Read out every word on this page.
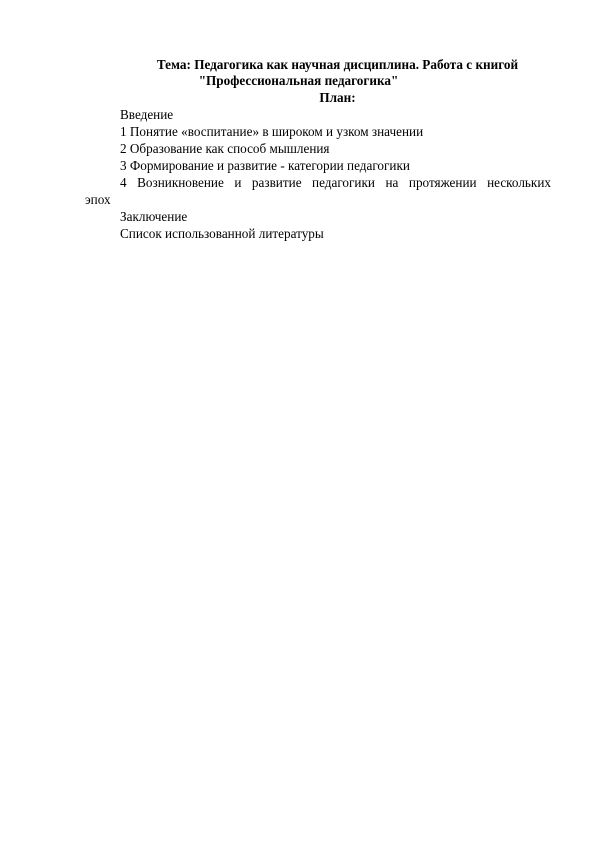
Тема: Педагогика как научная дисциплина. Работа с книгой
"Профессиональная педагогика"
План:
Введение
1 Понятие «воспитание» в широком и узком значении
2 Образование как способ мышления
3 Формирование и развитие - категории педагогики
4 Возникновение и развитие педагогики на протяжении нескольких
эпох
Заключение
Список использованной литературы
